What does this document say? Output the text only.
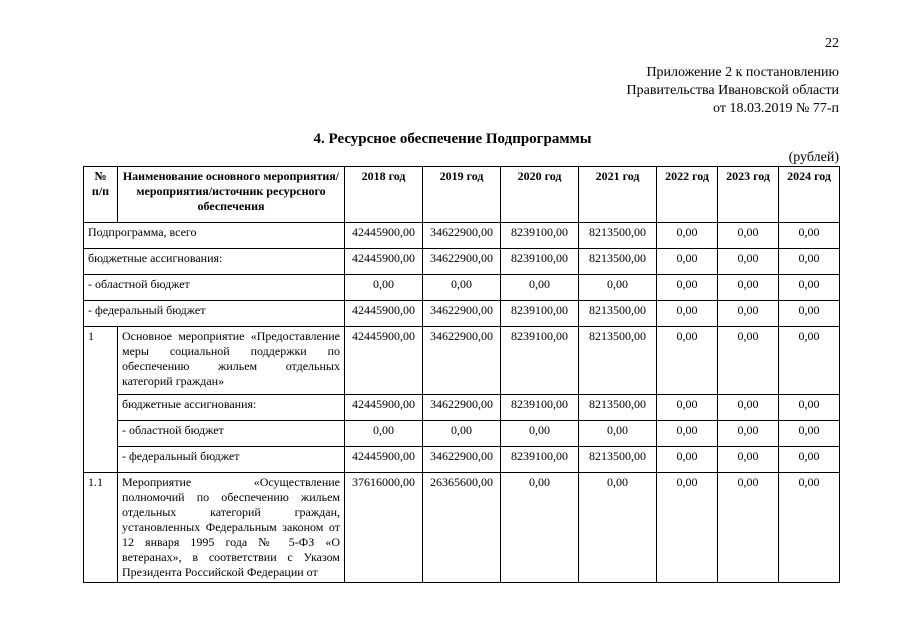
22
Приложение 2 к постановлению
Правительства Ивановской области
от 18.03.2019 № 77-п
4. Ресурсное обеспечение Подпрограммы
(рублей)
№ п/п	Наименование основного мероприятия/мероприятия/источник ресурсного обеспечения	2018 год	2019 год	2020 год	2021 год	2022 год	2023 год	2024 год
Подпрограмма, всего		42445900,00	34622900,00	8239100,00	8213500,00	0,00	0,00	0,00
бюджетные ассигнования:		42445900,00	34622900,00	8239100,00	8213500,00	0,00	0,00	0,00
- областной бюджет		0,00	0,00	0,00	0,00	0,00	0,00	0,00
- федеральный бюджет		42445900,00	34622900,00	8239100,00	8213500,00	0,00	0,00	0,00
1	Основное мероприятие «Предоставление меры социальной поддержки по обеспечению жильем отдельных категорий граждан»	42445900,00	34622900,00	8239100,00	8213500,00	0,00	0,00	0,00
	бюджетные ассигнования:	42445900,00	34622900,00	8239100,00	8213500,00	0,00	0,00	0,00
	- областной бюджет	0,00	0,00	0,00	0,00	0,00	0,00	0,00
	- федеральный бюджет	42445900,00	34622900,00	8239100,00	8213500,00	0,00	0,00	0,00
1.1	Мероприятие «Осуществление полномочий по обеспечению жильем отдельных категорий граждан, установленных Федеральным законом от 12 января 1995 года № 5-ФЗ «О ветеранах», в соответствии с Указом Президента Российской Федерации от	37616000,00	26365600,00	0,00	0,00	0,00	0,00	0,00
